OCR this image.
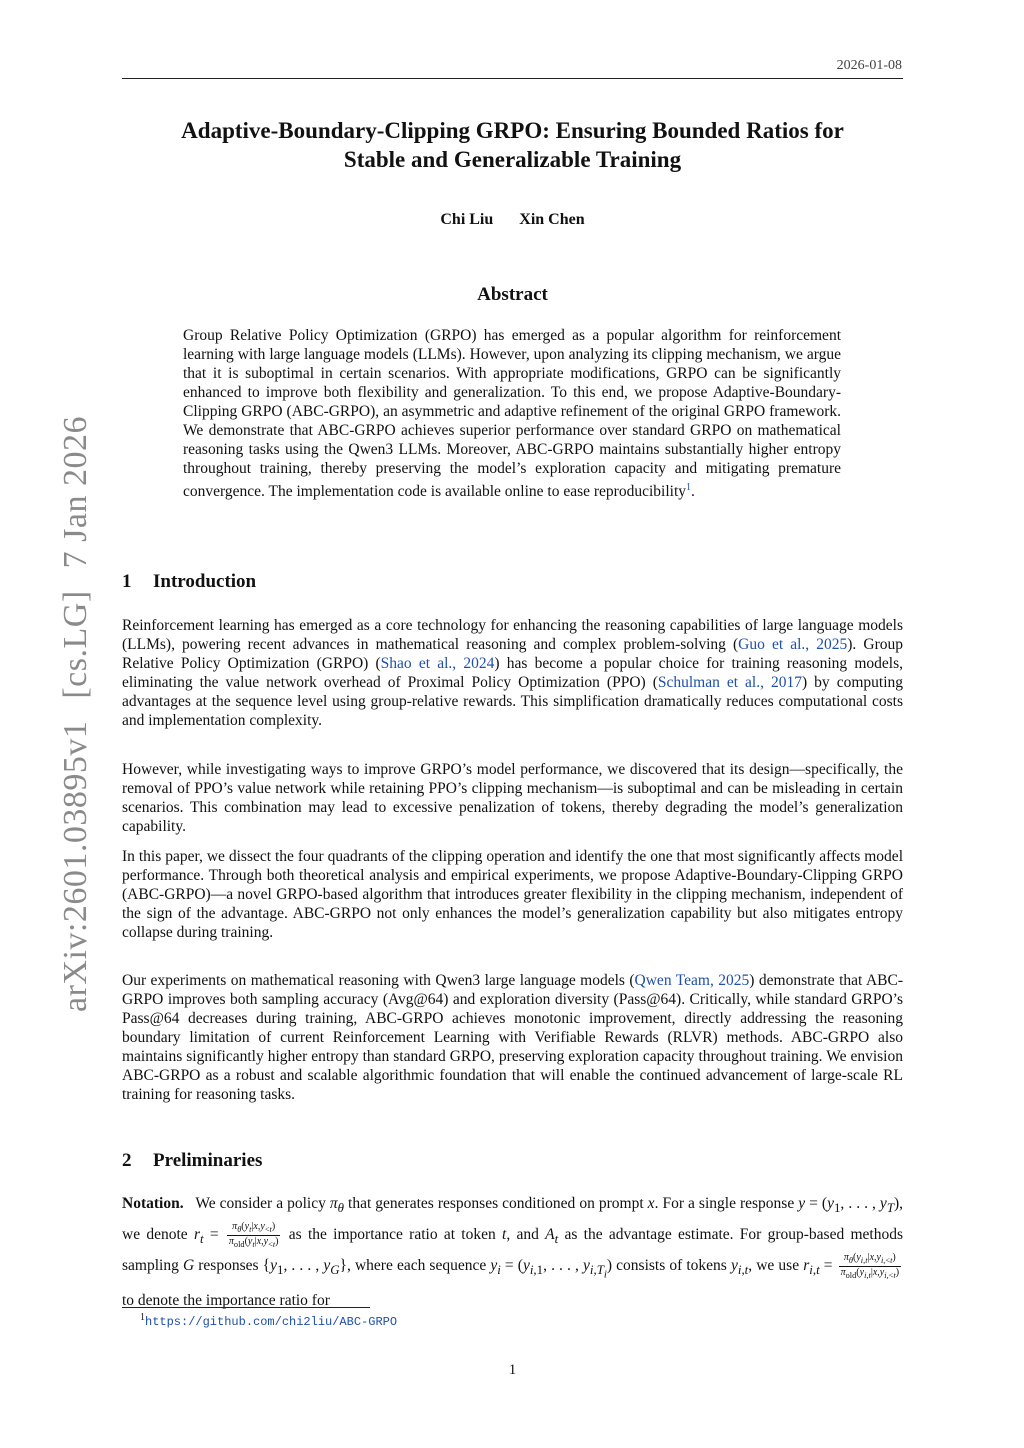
2026-01-08
Adaptive-Boundary-Clipping GRPO: Ensuring Bounded Ratios for
Stable and Generalizable Training
Chi Liu Xin Chen
Abstract
Group Relative Policy Optimization (GRPO) has emerged as a popular algorithm for reinforcement learning with large language models (LLMs). However, upon analyzing its clipping mechanism, we argue that it is suboptimal in certain scenarios. With appropriate modifications, GRPO can be significantly enhanced to improve both flexibility and generalization. To this end, we propose Adaptive-Boundary-Clipping GRPO (ABC-GRPO), an asymmetric and adaptive refinement of the original GRPO framework. We demonstrate that ABC-GRPO achieves superior performance over standard GRPO on mathematical reasoning tasks using the Qwen3 LLMs. Moreover, ABC-GRPO maintains substantially higher entropy throughout training, thereby preserving the model’s exploration capacity and mitigating premature convergence. The implementation code is available online to ease reproducibility$^1$.
arXiv:2601.03895v1[cs.LG]7 Jan 2026
1 Introduction

Reinforcement learning has emerged as a core technology for enhancing the reasoning capabilities of large language models (LLMs), powering recent advances in mathematical reasoning and complex problem-solving (Guo et al., 2025). Group Relative Policy Optimization (GRPO) (Shao et al., 2024) has become a popular choice for training reasoning models, eliminating the value network overhead of Proximal Policy Optimization (PPO) (Schulman et al., 2017) by computing advantages at the sequence level using group-relative rewards. This simplification dramatically reduces computational costs and implementation complexity.

However, while investigating ways to improve GRPO’s model performance, we discovered that its design—specifically, the removal of PPO’s value network while retaining PPO’s clipping mechanism—is suboptimal and can be misleading in certain scenarios. This combination may lead to excessive penalization of tokens, thereby degrading the model’s generalization capability.

In this paper, we dissect the four quadrants of the clipping operation and identify the one that most significantly affects model performance. Through both theoretical analysis and empirical experiments, we propose Adaptive-Boundary-Clipping GRPO (ABC-GRPO)—a novel GRPO-based algorithm that introduces greater flexibility in the clipping mechanism, independent of the sign of the advantage. ABC-GRPO not only enhances the model’s generalization capability but also mitigates entropy collapse during training.

Our experiments on mathematical reasoning with Qwen3 large language models (Qwen Team, 2025) demonstrate that ABC-GRPO improves both sampling accuracy (Avg@64) and exploration diversity (Pass@64). Critically, while standard GRPO’s Pass@64 decreases during training, ABC-GRPO achieves monotonic improvement, directly addressing the reasoning boundary limitation of current Reinforcement Learning with Verifiable Rewards (RLVR) methods. ABC-GRPO also maintains significantly higher entropy than standard GRPO, preserving exploration capacity throughout training. We envision ABC-GRPO as a robust and scalable algorithmic foundation that will enable the continued advancement of large-scale RL training for reasoning tasks.

2 Preliminaries

Notation. We consider a policy $\pi_\theta$ that generates responses conditioned on prompt x. For a single response $y = (y_1$, . . . , $y_T$), we denote $r_t = \frac{\pi_\theta(y_t|x,y_{<t})}{\pi_{old}(y_t|x,y_{<t})}$ as the importance ratio at token t, and $A_t$ as the advantage estimate. For group-based methods sampling G responses {$y_1$, . . . , $y_G$}, where each sequence $y_i = (y_{i,1}$, . . . , $y_{i,T_i}$) consists of tokens $y_{i,t}$, we use $r_{i,t} = \frac{\pi_\theta(y_{i,t}|x,y_{i,<t})}{\pi_{old}(y_{i,t}|x,y_{i,<t})}$
to denote the importance ratio for

$^1$https://github.com/chi2liu/ABC-GRPO
1
